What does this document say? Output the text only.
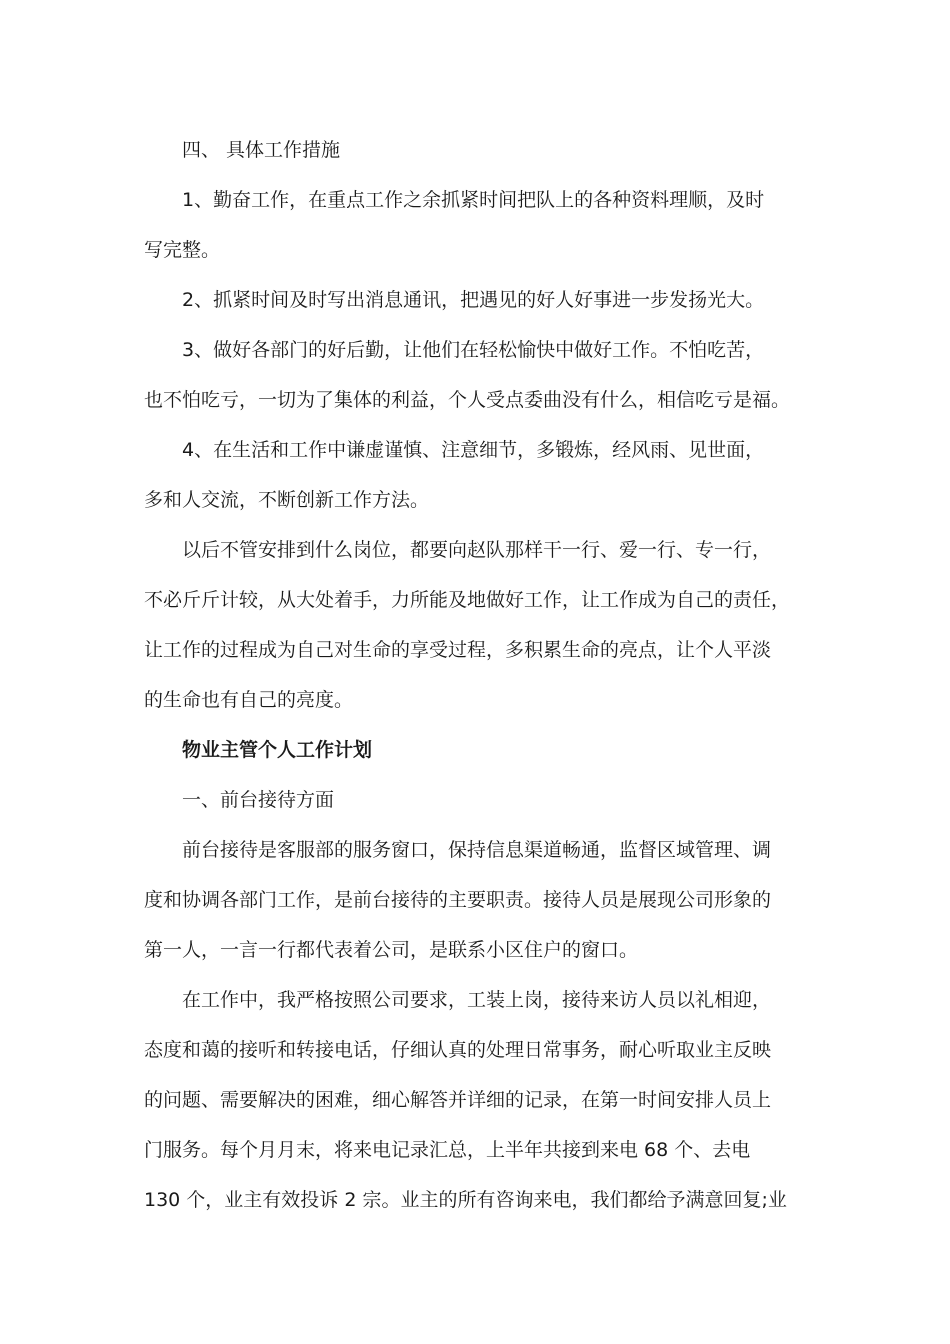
四、 具体工作措施
1、勤奋工作，在重点工作之余抓紧时间把队上的各种资料理顺，及时
写完整。
2、抓紧时间及时写出消息通讯，把遇见的好人好事进一步发扬光大。
3、做好各部门的好后勤，让他们在轻松愉快中做好工作。不怕吃苦，
也不怕吃亏，一切为了集体的利益，个人受点委曲没有什么，相信吃亏是福。
4、在生活和工作中谦虚谨慎、注意细节，多锻炼，经风雨、见世面，
多和人交流，不断创新工作方法。
以后不管安排到什么岗位，都要向赵队那样干一行、爱一行、专一行，
不必斤斤计较，从大处着手，力所能及地做好工作，让工作成为自己的责任，
让工作的过程成为自己对生命的享受过程，多积累生命的亮点，让个人平淡
的生命也有自己的亮度。
物业主管个人工作计划
一、前台接待方面
前台接待是客服部的服务窗口，保持信息渠道畅通，监督区域管理、调
度和协调各部门工作，是前台接待的主要职责。接待人员是展现公司形象的
第一人，一言一行都代表着公司，是联系小区住户的窗口。
在工作中，我严格按照公司要求，工装上岗，接待来访人员以礼相迎，
态度和蔼的接听和转接电话，仔细认真的处理日常事务，耐心听取业主反映
的问题、需要解决的困难，细心解答并详细的记录，在第一时间安排人员上
门服务。每个月月末，将来电记录汇总，上半年共接到来电 68 个、去电
130 个，业主有效投诉 2 宗。业主的所有咨询来电，我们都给予满意回复;业
